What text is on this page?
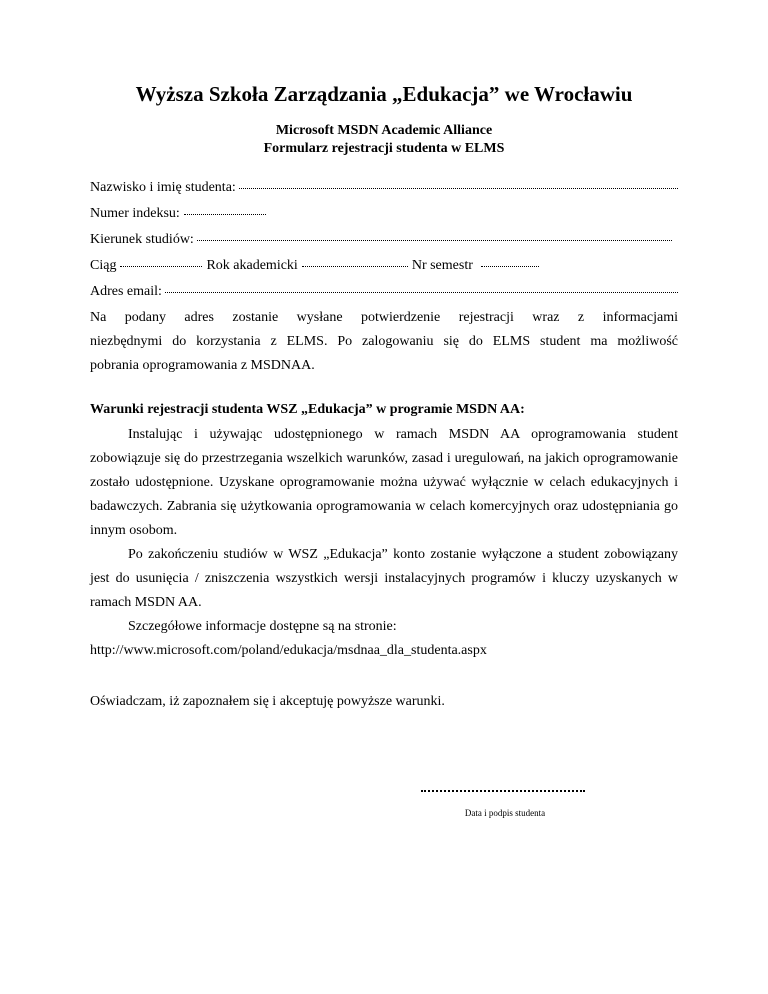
Wyższa Szkoła Zarządzania „Edukacja” we Wrocławiu
Microsoft MSDN Academic Alliance
Formularz rejestracji studenta w ELMS
Nazwisko i imię studenta:
Numer indeksu:
Kierunek studiów:
Ciąg	Rok akademicki	Nr semestr
Adres email:

Na podany adres zostanie wysłane potwierdzenie rejestracji wraz z informacjami

niezbędnymi do korzystania z ELMS. Po zalogowaniu się do ELMS student ma możliwość

pobrania oprogramowania z MSDNAA.

Warunki rejestracji studenta WSZ „Edukacja” w programie MSDN AA:

Instalując i używając udostępnionego w ramach MSDN AA oprogramowania student zobowiązuje się do przestrzegania wszelkich warunków, zasad i uregulowań, na jakich oprogramowanie zostało udostępnione. Uzyskane oprogramowanie można używać wyłącznie w celach edukacyjnych i badawczych. Zabrania się użytkowania oprogramowania w celach komercyjnych oraz udostępniania go innym osobom.

Po zakończeniu studiów w WSZ „Edukacja” konto zostanie wyłączone a student zobowiązany jest do usunięcia / zniszczenia wszystkich wersji instalacyjnych programów i kluczy uzyskanych w ramach MSDN AA.

Szczegółowe informacje dostępne są na stronie:

http://www.microsoft.com/poland/edukacja/msdnaa_dla_studenta.aspx

Oświadczam, iż zapoznałem się i akceptuję powyższe warunki.

Data i podpis studenta
